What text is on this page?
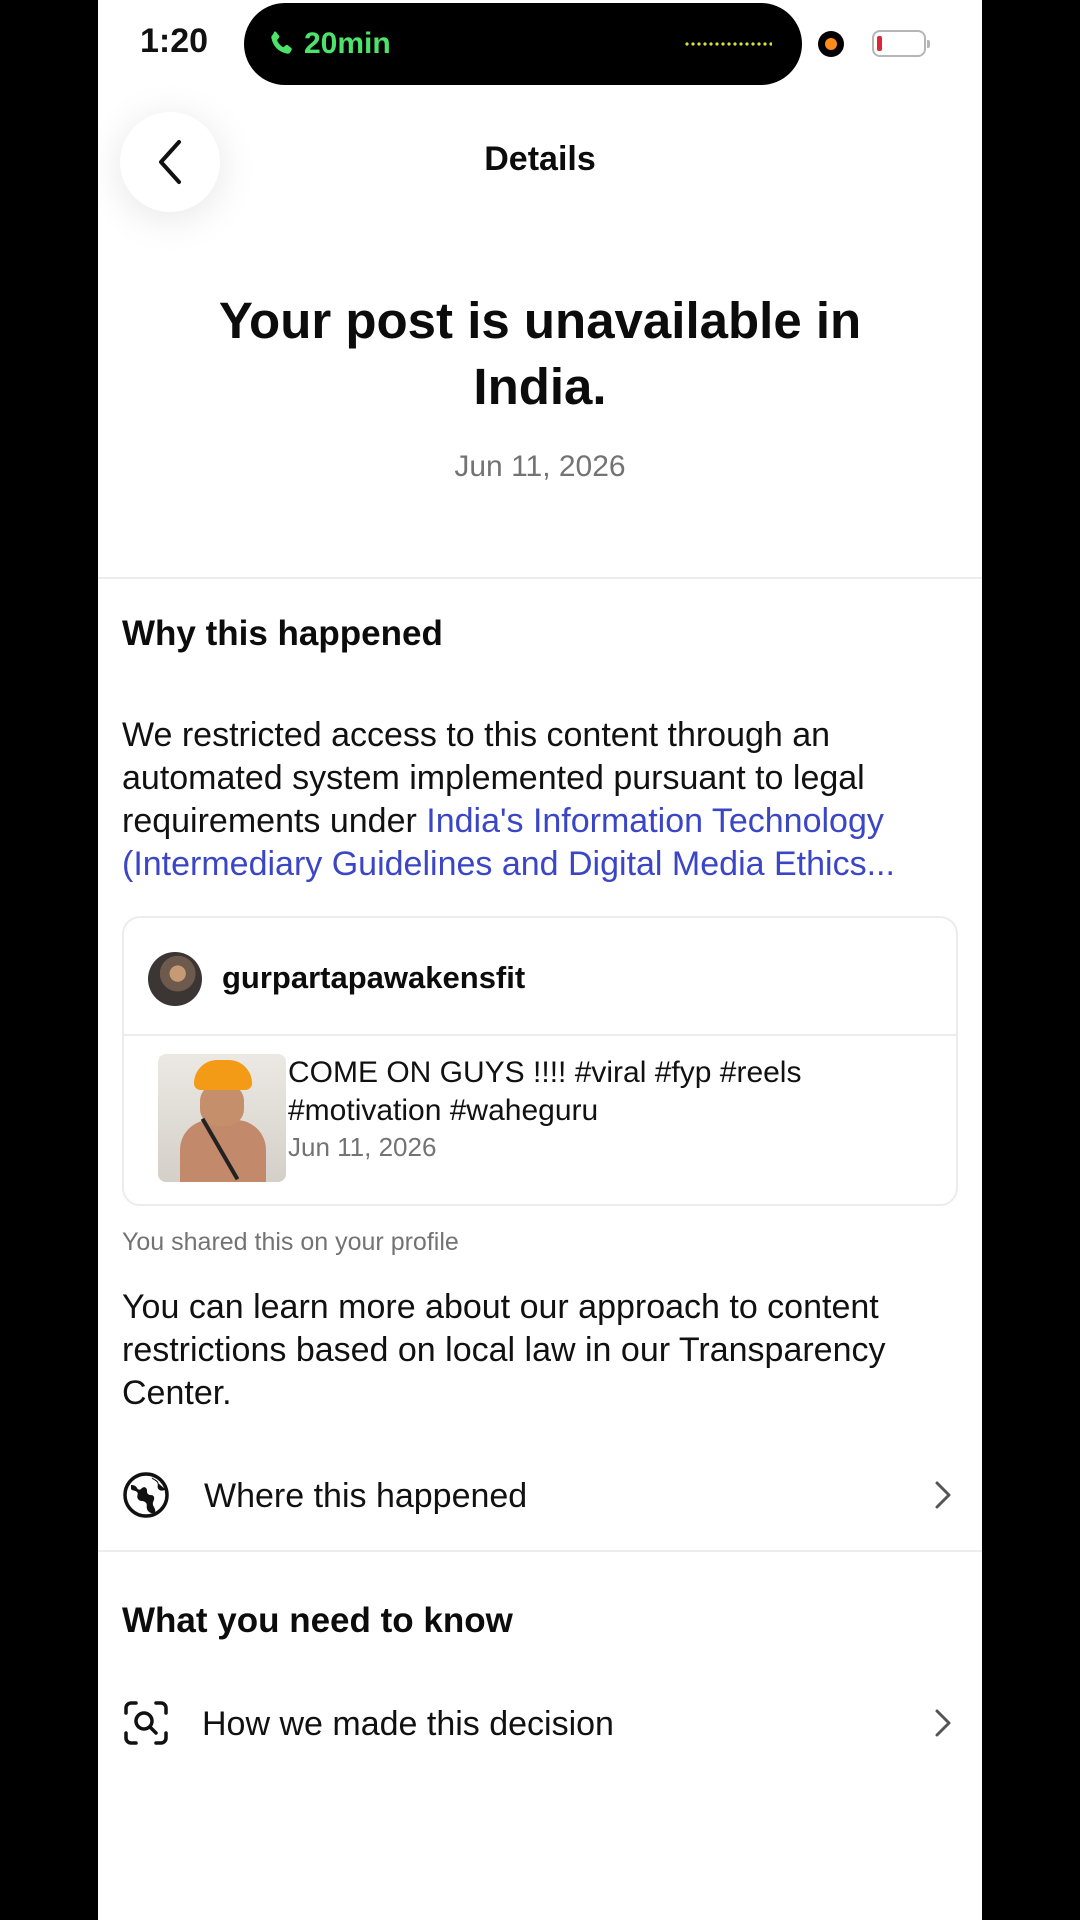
1:20	20min
Details
Your post is unavailable in India.
Jun 11, 2026
Why this happened
We restricted access to this content through an automated system implemented pursuant to legal requirements under India's Information Technology (Intermediary Guidelines and Digital Media Ethics...
gurpartapawakensfit
COME ON GUYS !!!! #viral #fyp #reels #motivation #waheguru
Jun 11, 2026
You shared this on your profile
You can learn more about our approach to content restrictions based on local law in our Transparency Center.
Where this happened
What you need to know
How we made this decision
